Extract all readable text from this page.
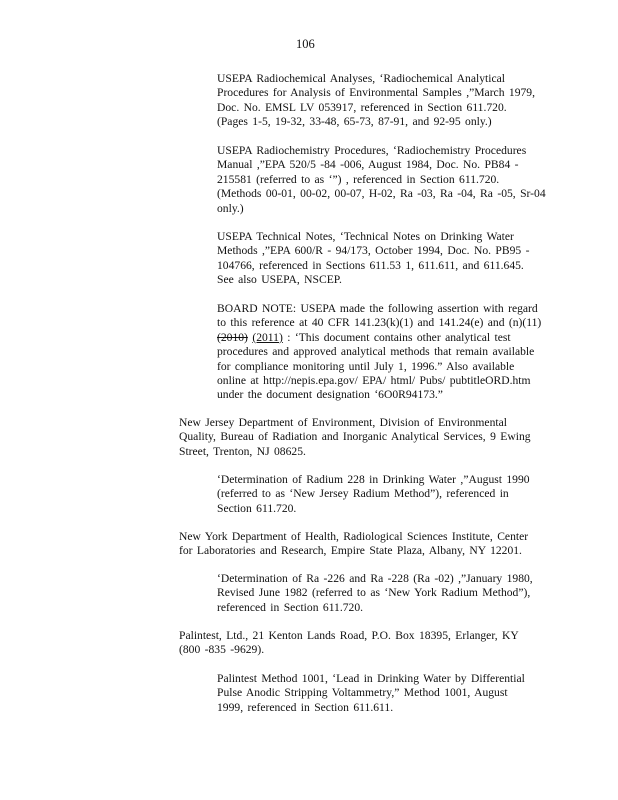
106
USEPA Radiochemical Analyses, ‘Radiochemical Analytical
Procedures for Analysis of Environmental Samples ,”March 1979,
Doc. No. EMSL LV 053917, referenced in Section 611.720.
(Pages 1-5, 19-32, 33-48, 65-73, 87-91, and 92-95 only.)
USEPA Radiochemistry Procedures, ‘Radiochemistry Procedures
Manual ,”EPA 520/5 -84 -006, August 1984, Doc. No. PB84 -
215581 (referred to as ‘”) , referenced in Section 611.720.
(Methods 00-01, 00-02, 00-07, H-02, Ra -03, Ra -04, Ra -05, Sr-04
only.)
USEPA Technical Notes, ‘Technical Notes on Drinking Water
Methods ,”EPA 600/R - 94/173, October 1994, Doc. No. PB95 -
104766, referenced in Sections 611.53 1, 611.611, and 611.645.
See also USEPA, NSCEP.
BOARD NOTE: USEPA made the following assertion with regard
to this reference at 40 CFR 141.23(k)(1) and 141.24(e) and (n)(11)
(2010) (2011) : ‘This document contains other analytical test
procedures and approved analytical methods that remain available
for compliance monitoring until July 1, 1996.” Also available
online at http://nepis.epa.gov/ EPA/ html/ Pubs/ pubtitleORD.htm
under the document designation ‘6O0R94173.”
New Jersey Department of Environment, Division of Environmental
Quality, Bureau of Radiation and Inorganic Analytical Services, 9 Ewing
Street, Trenton, NJ 08625.
‘Determination of Radium 228 in Drinking Water ,”August 1990
(referred to as ‘New Jersey Radium Method”), referenced in
Section 611.720.
New York Department of Health, Radiological Sciences Institute, Center
for Laboratories and Research, Empire State Plaza, Albany, NY 12201.
‘Determination of Ra -226 and Ra -228 (Ra -02) ,”January 1980,
Revised June 1982 (referred to as ‘New York Radium Method”),
referenced in Section 611.720.
Palintest, Ltd., 21 Kenton Lands Road, P.O. Box 18395, Erlanger, KY
(800 -835 -9629).
Palintest Method 1001, ‘Lead in Drinking Water by Differential
Pulse Anodic Stripping Voltammetry,” Method 1001, August
1999, referenced in Section 611.611.
